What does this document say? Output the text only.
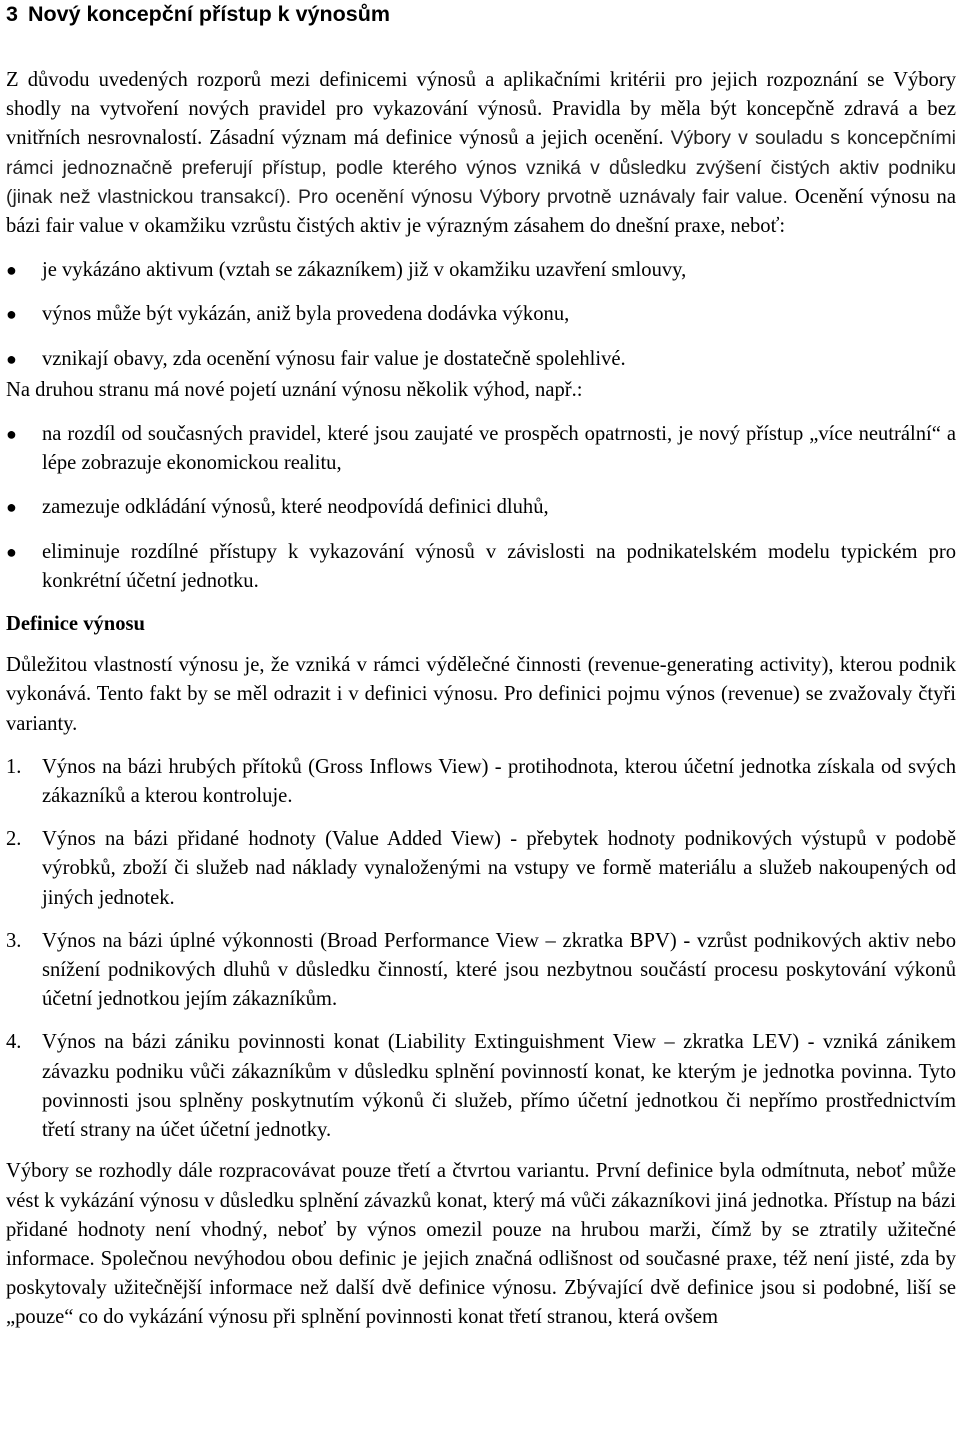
3 Nový koncepční přístup k výnosům

Z důvodu uvedených rozporů mezi definicemi výnosů a aplikačními kritérii pro jejich rozpoznání se Výbory shodly na vytvoření nových pravidel pro vykazování výnosů. Pravidla by měla být koncepčně zdravá a bez vnitřních nesrovnalostí. Zásadní význam má definice výnosů a jejich ocenění. Výbory v souladu s koncepčními rámci jednoznačně preferují přístup, podle kterého výnos vzniká v důsledku zvýšení čistých aktiv podniku (jinak než vlastnickou transakcí). Pro ocenění výnosu Výbory prvotně uznávaly fair value. Ocenění výnosu na bázi fair value v okamžiku vzrůstu čistých aktiv je výrazným zásahem do dnešní praxe, neboť:

●	je vykázáno aktivum (vztah se zákazníkem) již v okamžiku uzavření smlouvy,
●	výnos může být vykázán, aniž byla provedena dodávka výkonu,
●	vznikají obavy, zda ocenění výnosu fair value je dostatečně spolehlivé.

Na druhou stranu má nové pojetí uznání výnosu několik výhod, např.:

●	na rozdíl od současných pravidel, které jsou zaujaté ve prospěch opatrnosti, je nový přístup „více neutrální“ a lépe zobrazuje ekonomickou realitu,
●	zamezuje odkládání výnosů, které neodpovídá definici dluhů,
●	eliminuje rozdílné přístupy k vykazování výnosů v závislosti na podnikatelském modelu typickém pro konkrétní účetní jednotku.
Definice výnosu

Důležitou vlastností výnosu je, že vzniká v rámci výdělečné činnosti (revenue-generating activity), kterou podnik vykonává. Tento fakt by se měl odrazit i v definici výnosu. Pro definici pojmu výnos (revenue) se zvažovaly čtyři varianty.

1. Výnos na bázi hrubých přítoků (Gross Inflows View) - protihodnota, kterou účetní jednotka získala od svých zákazníků a kterou kontroluje.
2. Výnos na bázi přidané hodnoty (Value Added View) - přebytek hodnoty podnikových výstupů v podobě výrobků, zboží či služeb nad náklady vynaloženými na vstupy ve formě materiálu a služeb nakoupených od jiných jednotek.
3. Výnos na bázi úplné výkonnosti (Broad Performance View – zkratka BPV) - vzrůst podnikových aktiv nebo snížení podnikových dluhů v důsledku činností, které jsou nezbytnou součástí procesu poskytování výkonů účetní jednotkou jejím zákazníkům.
4. Výnos na bázi zániku povinnosti konat (Liability Extinguishment View – zkratka LEV) - vzniká zánikem závazku podniku vůči zákazníkům v důsledku splnění povinností konat, ke kterým je jednotka povinna. Tyto povinnosti jsou splněny poskytnutím výkonů či služeb, přímo účetní jednotkou či nepřímo prostřednictvím třetí strany na účet účetní jednotky.

Výbory se rozhodly dále rozpracovávat pouze třetí a čtvrtou variantu. První definice byla odmítnuta, neboť může vést k vykázání výnosu v důsledku splnění závazků konat, který má vůči zákazníkovi jiná jednotka. Přístup na bázi přidané hodnoty není vhodný, neboť by výnos omezil pouze na hrubou marži, čímž by se ztratily užitečné informace. Společnou nevýhodou obou definic je jejich značná odlišnost od současné praxe, též není jisté, zda by poskytovaly užitečnější informace než další dvě definice výnosu. Zbývající dvě definice jsou si podobné, liší se „pouze“ co do vykázání výnosu při splnění povinnosti konat třetí stranou, která ovšem
